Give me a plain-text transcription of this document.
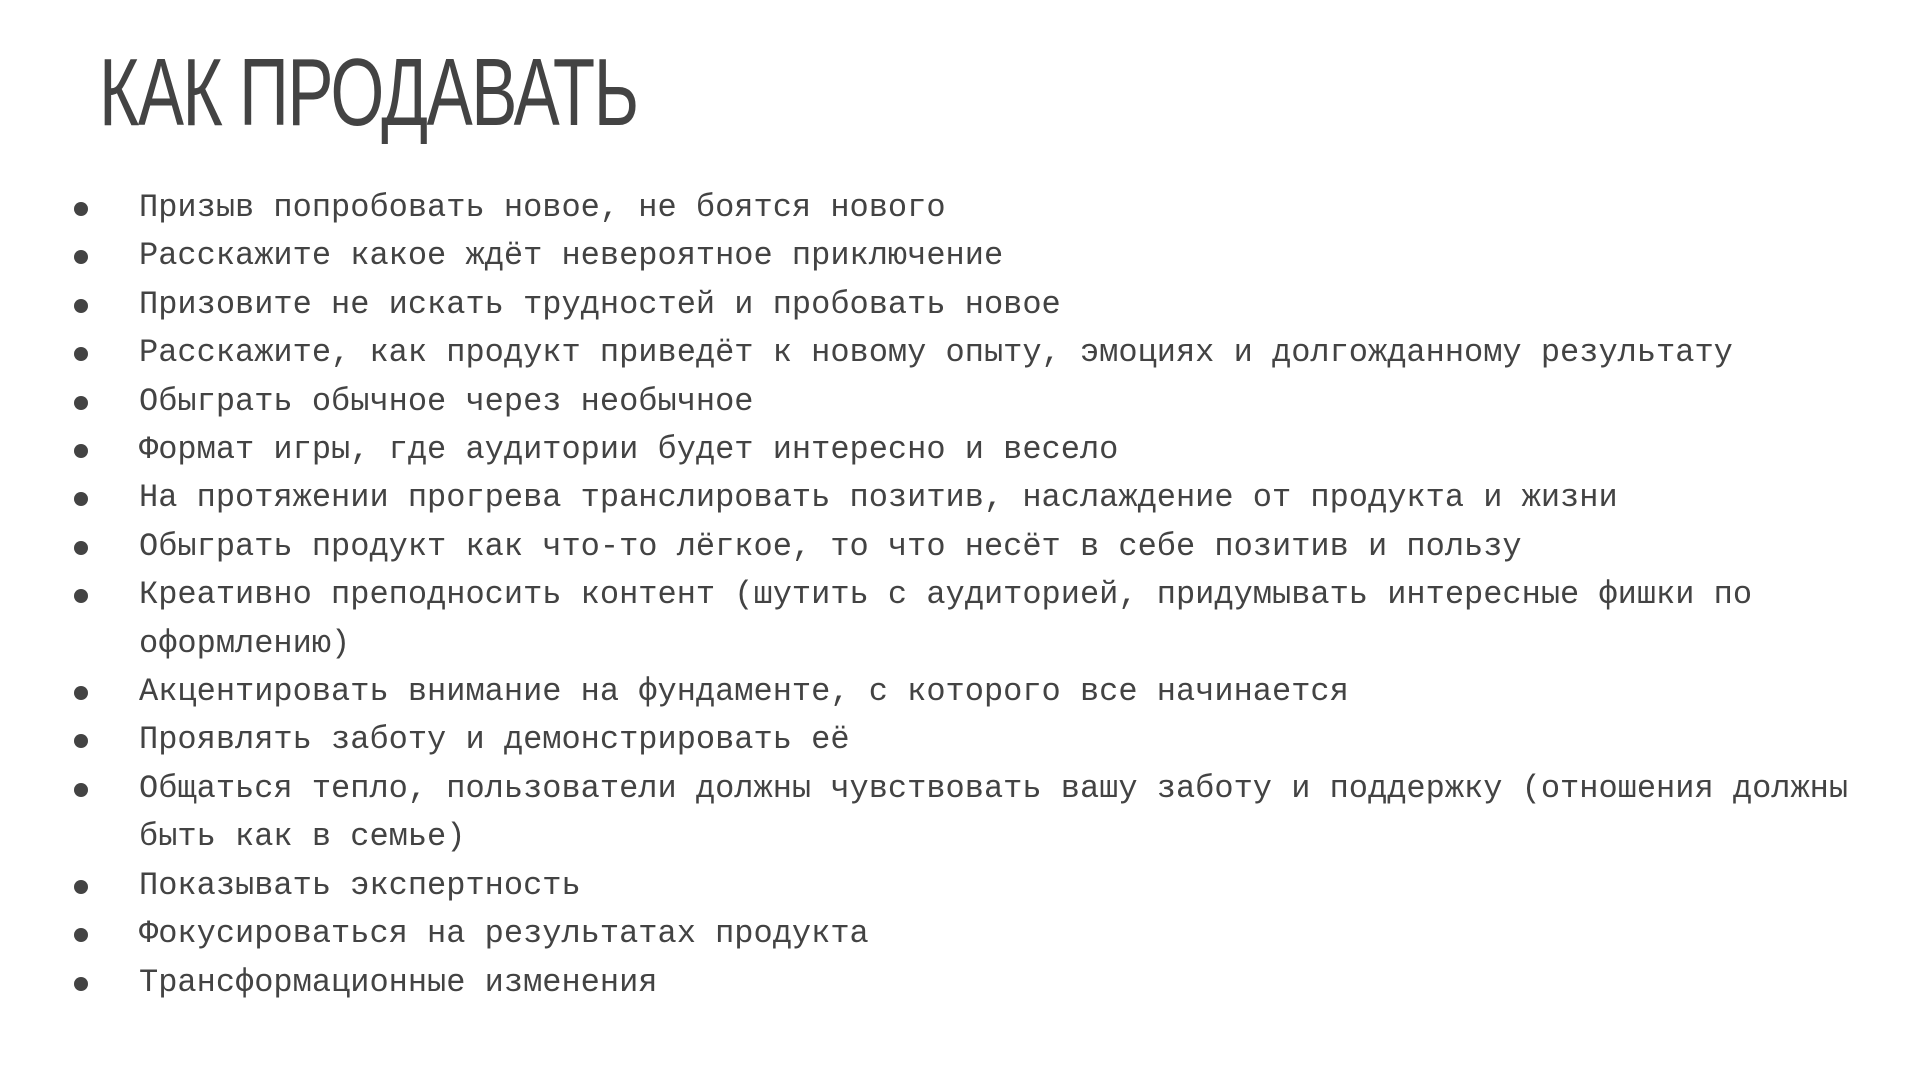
КАК ПРОДАВАТЬ
Призыв попробовать новое, не боятся нового
Расскажите какое ждёт невероятное приключение
Призовите не искать трудностей и пробовать новое
Расскажите, как продукт приведёт к новому опыту, эмоциях и долгожданному результату
Обыграть обычное через необычное
Формат игры, где аудитории будет интересно и весело
На протяжении прогрева транслировать позитив, наслаждение от продукта и жизни
Обыграть продукт как что-то лёгкое, то что несёт в себе позитив и пользу
Креативно преподносить контент (шутить с аудиторией, придумывать интересные фишки по оформлению)
Акцентировать внимание на фундаменте, с которого все начинается
Проявлять заботу и демонстрировать её
Общаться тепло, пользователи должны чувствовать вашу заботу и поддержку (отношения должны быть как в семье)
Показывать экспертность
Фокусироваться на результатах продукта
Трансформационные изменения
